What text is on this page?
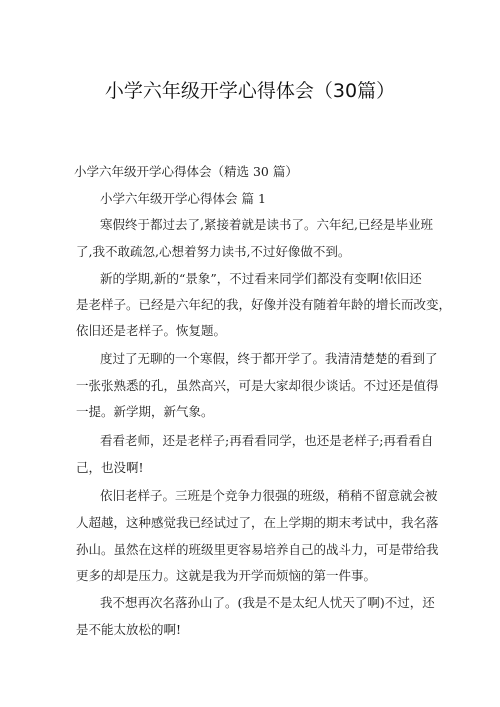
小学六年级开学心得体会（30篇）
小学六年级开学心得体会（精选 30 篇）
小学六年级开学心得体会 篇 1
寒假终于都过去了,紧接着就是读书了。六年纪,已经是毕业班
了,我不敢疏忽,心想着努力读书,不过好像做不到。
新的学期,新的“景象”，不过看来同学们都没有变啊!依旧还
是老样子。已经是六年纪的我，好像并没有随着年龄的增长而改变，
依旧还是老样子。恢复题。
度过了无聊的一个寒假，终于都开学了。我清清楚楚的看到了
一张张熟悉的孔，虽然高兴，可是大家却很少谈话。不过还是值得
一提。新学期，新气象。
看看老师，还是老样子;再看看同学，也还是老样子;再看看自
己，也没啊!
依旧老样子。三班是个竞争力很强的班级，稍稍不留意就会被
人超越，这种感觉我已经试过了，在上学期的期末考试中，我名落
孙山。虽然在这样的班级里更容易培养自己的战斗力，可是带给我
更多的却是压力。这就是我为开学而烦恼的第一件事。
我不想再次名落孙山了。(我是不是太纪人忧天了啊)不过，还
是不能太放松的啊!
